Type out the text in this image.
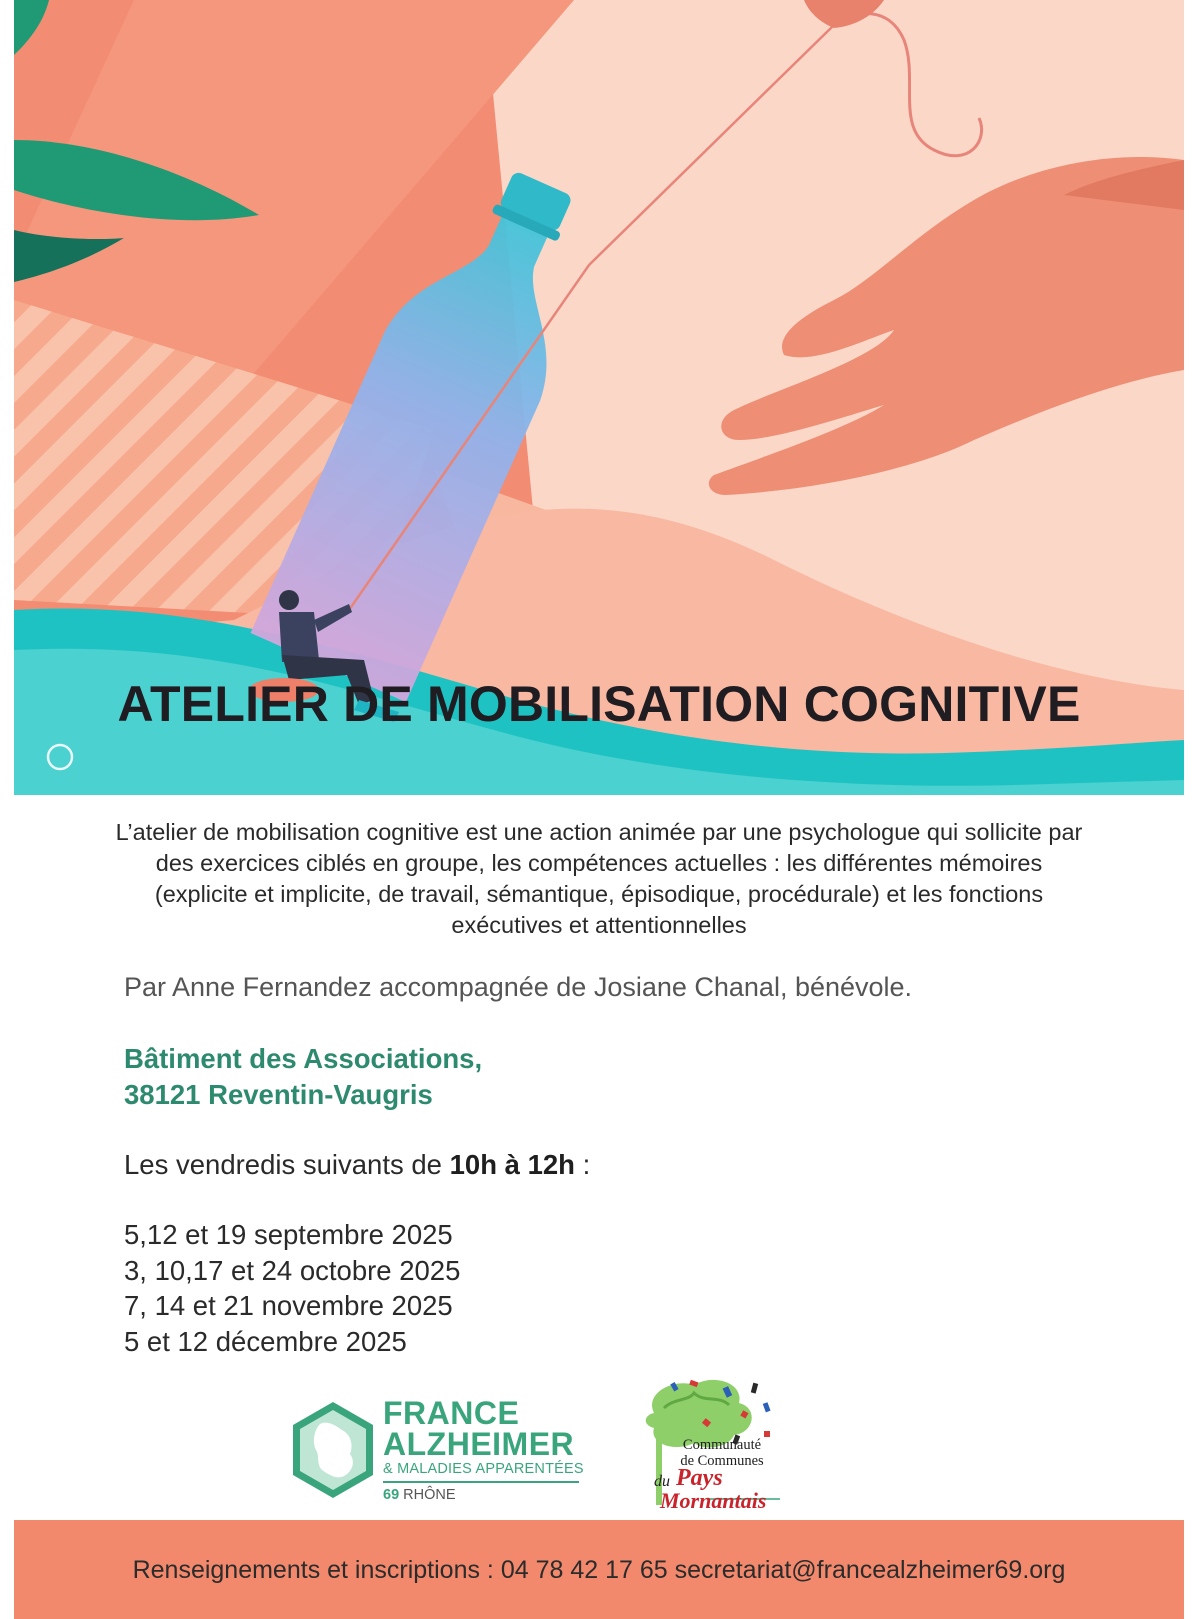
ATELIER DE MOBILISATION COGNITIVE

L’atelier de mobilisation cognitive est une action animée par une psychologue qui sollicite par des exercices ciblés en groupe, les compétences actuelles : les différentes mémoires (explicite et implicite, de travail, sémantique, épisodique, procédurale) et les fonctions exécutives et attentionnelles

Par Anne Fernandez accompagnée de Josiane Chanal, bénévole.

Bâtiment des Associations,
38121 Reventin-Vaugris

Les vendredis suivants de 10h à 12h :

5,12 et 19 septembre 2025
3, 10,17 et 24 octobre 2025
7, 14 et 21 novembre 2025
5 et 12 décembre 2025
FRANCE
ALZHEIMER
& MALADIES APPARENTÉES
69 RHÔNE
Communauté
de Communes
du Pays
Mornantais

Renseignements et inscriptions : 04 78 42 17 65 secretariat@francealzheimer69.org
